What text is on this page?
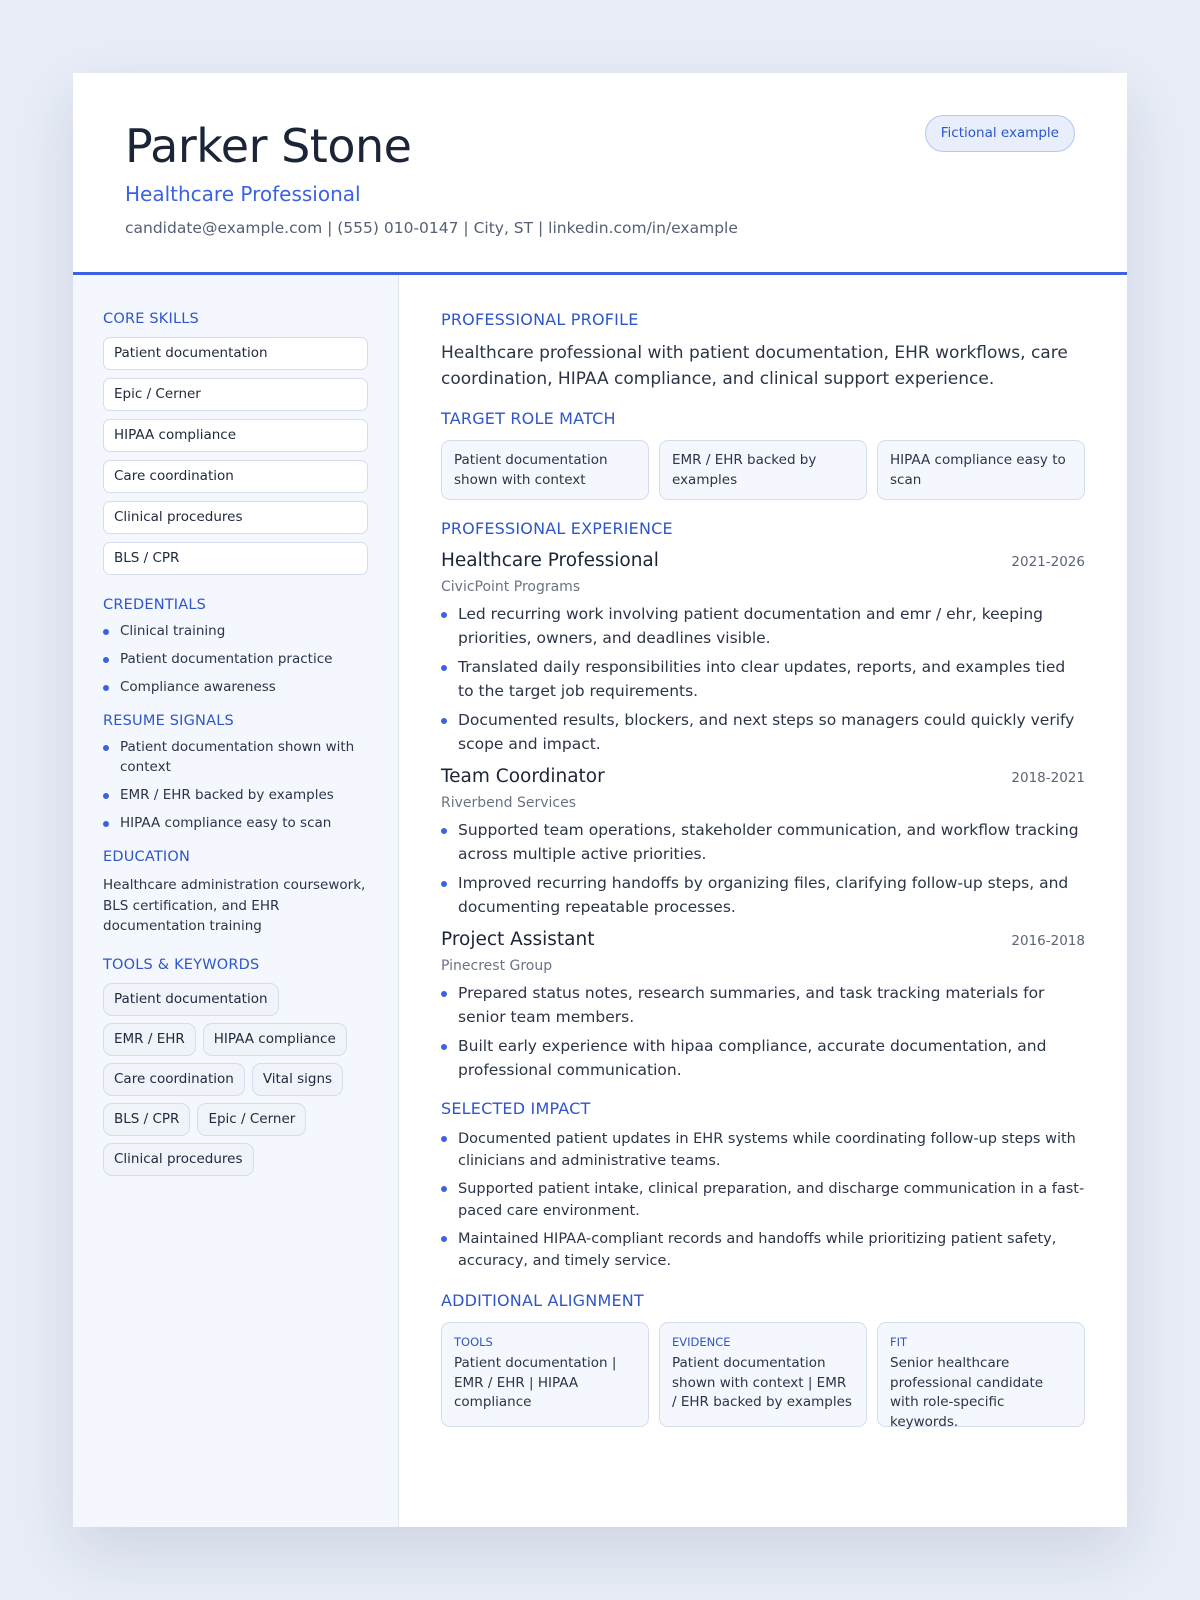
Parker Stone
Healthcare Professional
candidate@example.com | (555) 010-0147 | City, ST | linkedin.com/in/example
Fictional example
CORE SKILLS
Patient documentation
Epic / Cerner
HIPAA compliance
Care coordination
Clinical procedures
BLS / CPR
CREDENTIALS
Clinical training
Patient documentation practice
Compliance awareness
RESUME SIGNALS
Patient documentation shown with context
EMR / EHR backed by examples
HIPAA compliance easy to scan
EDUCATION
Healthcare administration coursework, BLS certification, and EHR documentation training
TOOLS & KEYWORDS
Patient documentation
EMR / EHR	HIPAA compliance
Care coordination	Vital signs
BLS / CPR	Epic / Cerner
Clinical procedures
PROFESSIONAL PROFILE

Healthcare professional with patient documentation, EHR workflows, care coordination, HIPAA compliance, and clinical support experience.

TARGET ROLE MATCH
Patient documentation shown with context
EMR / EHR backed by examples
HIPAA compliance easy to scan
PROFESSIONAL EXPERIENCE
Healthcare Professional	2021-2026
CivicPoint Programs
Led recurring work involving patient documentation and emr / ehr, keeping priorities, owners, and deadlines visible.
Translated daily responsibilities into clear updates, reports, and examples tied to the target job requirements.
Documented results, blockers, and next steps so managers could quickly verify scope and impact.
Team Coordinator	2018-2021
Riverbend Services
Supported team operations, stakeholder communication, and workflow tracking across multiple active priorities.
Improved recurring handoffs by organizing files, clarifying follow-up steps, and documenting repeatable processes.
Project Assistant	2016-2018
Pinecrest Group
Prepared status notes, research summaries, and task tracking materials for senior team members.
Built early experience with hipaa compliance, accurate documentation, and professional communication.
SELECTED IMPACT
Documented patient updates in EHR systems while coordinating follow-up steps with clinicians and administrative teams.
Supported patient intake, clinical preparation, and discharge communication in a fast-paced care environment.
Maintained HIPAA-compliant records and handoffs while prioritizing patient safety, accuracy, and timely service.
ADDITIONAL ALIGNMENT
TOOLS
Patient documentation | EMR / EHR | HIPAA compliance
EVIDENCE
Patient documentation shown with context | EMR / EHR backed by examples
FIT
Senior healthcare professional candidate with role-specific keywords.
